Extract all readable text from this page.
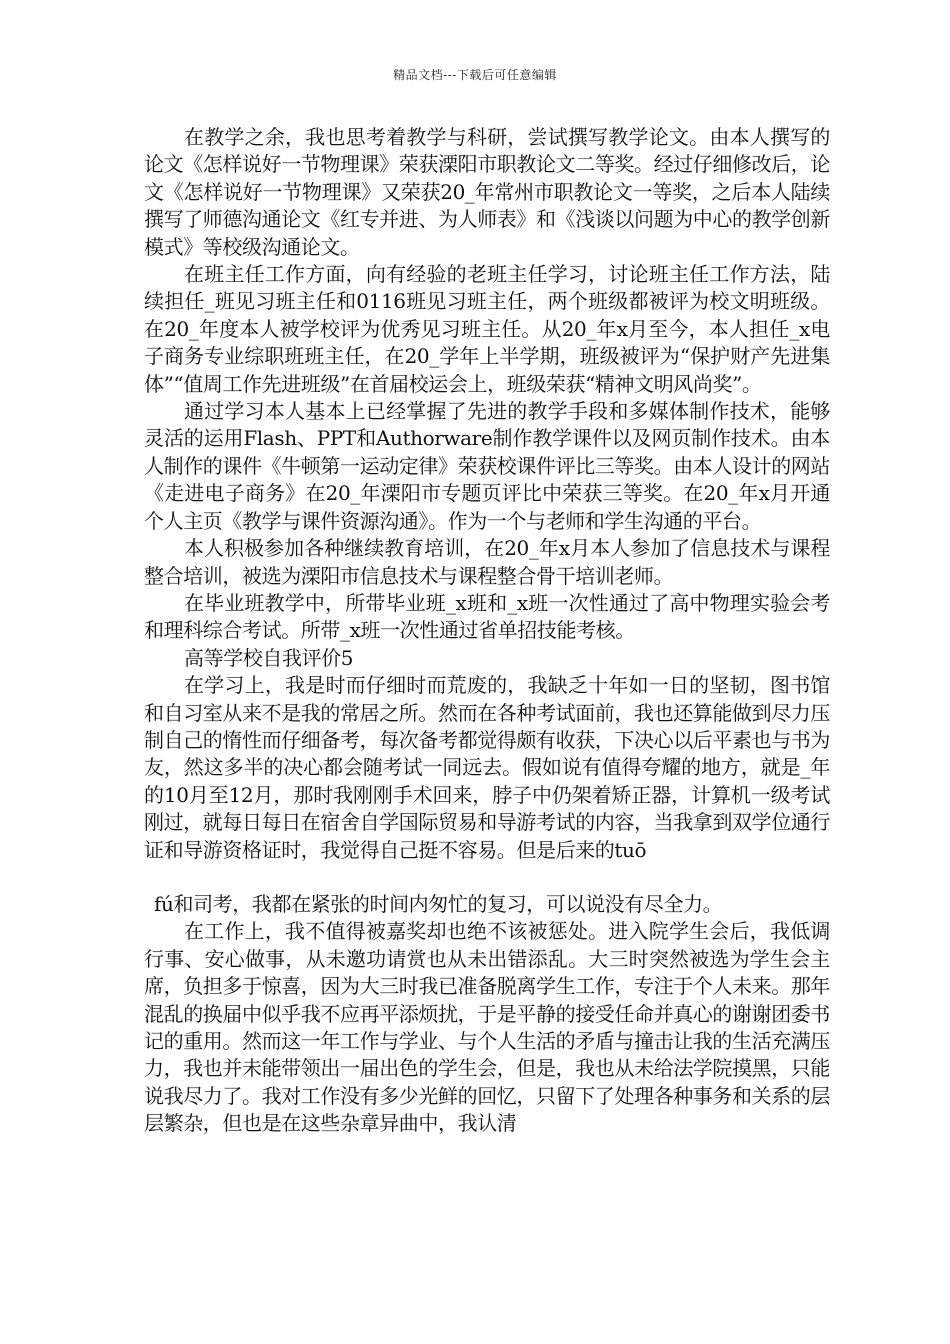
精品文档---下载后可任意编辑

在教学之余，我也思考着教学与科研，尝试撰写教学论文。由本人撰写的论文《怎样说好一节物理课》荣获溧阳市职教论文二等奖。经过仔细修改后，论文《怎样说好一节物理课》又荣获20_年常州市职教论文一等奖，之后本人陆续撰写了师德沟通论文《红专并进、为人师表》和《浅谈以问题为中心的教学创新模式》等校级沟通论文。

在班主任工作方面，向有经验的老班主任学习，讨论班主任工作方法，陆续担任_班见习班主任和0116班见习班主任，两个班级都被评为校文明班级。在20_年度本人被学校评为优秀见习班主任。从20_年x月至今，本人担任_x电子商务专业综职班班主任，在20_学年上半学期，班级被评为“保护财产先进集体”“值周工作先进班级”在首届校运会上，班级荣获“精神文明风尚奖”。

通过学习本人基本上已经掌握了先进的教学手段和多媒体制作技术，能够灵活的运用Flash、PPT和Authorware制作教学课件以及网页制作技术。由本人制作的课件《牛顿第一运动定律》荣获校课件评比三等奖。由本人设计的网站《走进电子商务》在20_年溧阳市专题页评比中荣获三等奖。在20_年x月开通个人主页《教学与课件资源沟通》。作为一个与老师和学生沟通的平台。

本人积极参加各种继续教育培训，在20_年x月本人参加了信息技术与课程整合培训，被选为溧阳市信息技术与课程整合骨干培训老师。

在毕业班教学中，所带毕业班_x班和_x班一次性通过了高中物理实验会考和理科综合考试。所带_x班一次性通过省单招技能考核。

高等学校自我评价5

在学习上，我是时而仔细时而荒废的，我缺乏十年如一日的坚韧，图书馆和自习室从来不是我的常居之所。然而在各种考试面前，我也还算能做到尽力压制自己的惰性而仔细备考，每次备考都觉得颇有收获，下决心以后平素也与书为友，然这多半的决心都会随考试一同远去。假如说有值得夸耀的地方，就是_年的10月至12月，那时我刚刚手术回来，脖子中仍架着矫正器，计算机一级考试刚过，就每日每日在宿舍自学国际贸易和导游考试的内容，当我拿到双学位通行证和导游资格证时，我觉得自己挺不容易。但是后来的tuō

fú和司考，我都在紧张的时间内匆忙的复习，可以说没有尽全力。

在工作上，我不值得被嘉奖却也绝不该被惩处。进入院学生会后，我低调行事、安心做事，从未邀功请赏也从未出错添乱。大三时突然被选为学生会主席，负担多于惊喜，因为大三时我已准备脱离学生工作，专注于个人未来。那年混乱的换届中似乎我不应再平添烦扰，于是平静的接受任命并真心的谢谢团委书记的重用。然而这一年工作与学业、与个人生活的矛盾与撞击让我的生活充满压力，我也并未能带领出一届出色的学生会，但是，我也从未给法学院摸黑，只能说我尽力了。我对工作没有多少光鲜的回忆，只留下了处理各种事务和关系的层层繁杂，但也是在这些杂章异曲中，我认清
